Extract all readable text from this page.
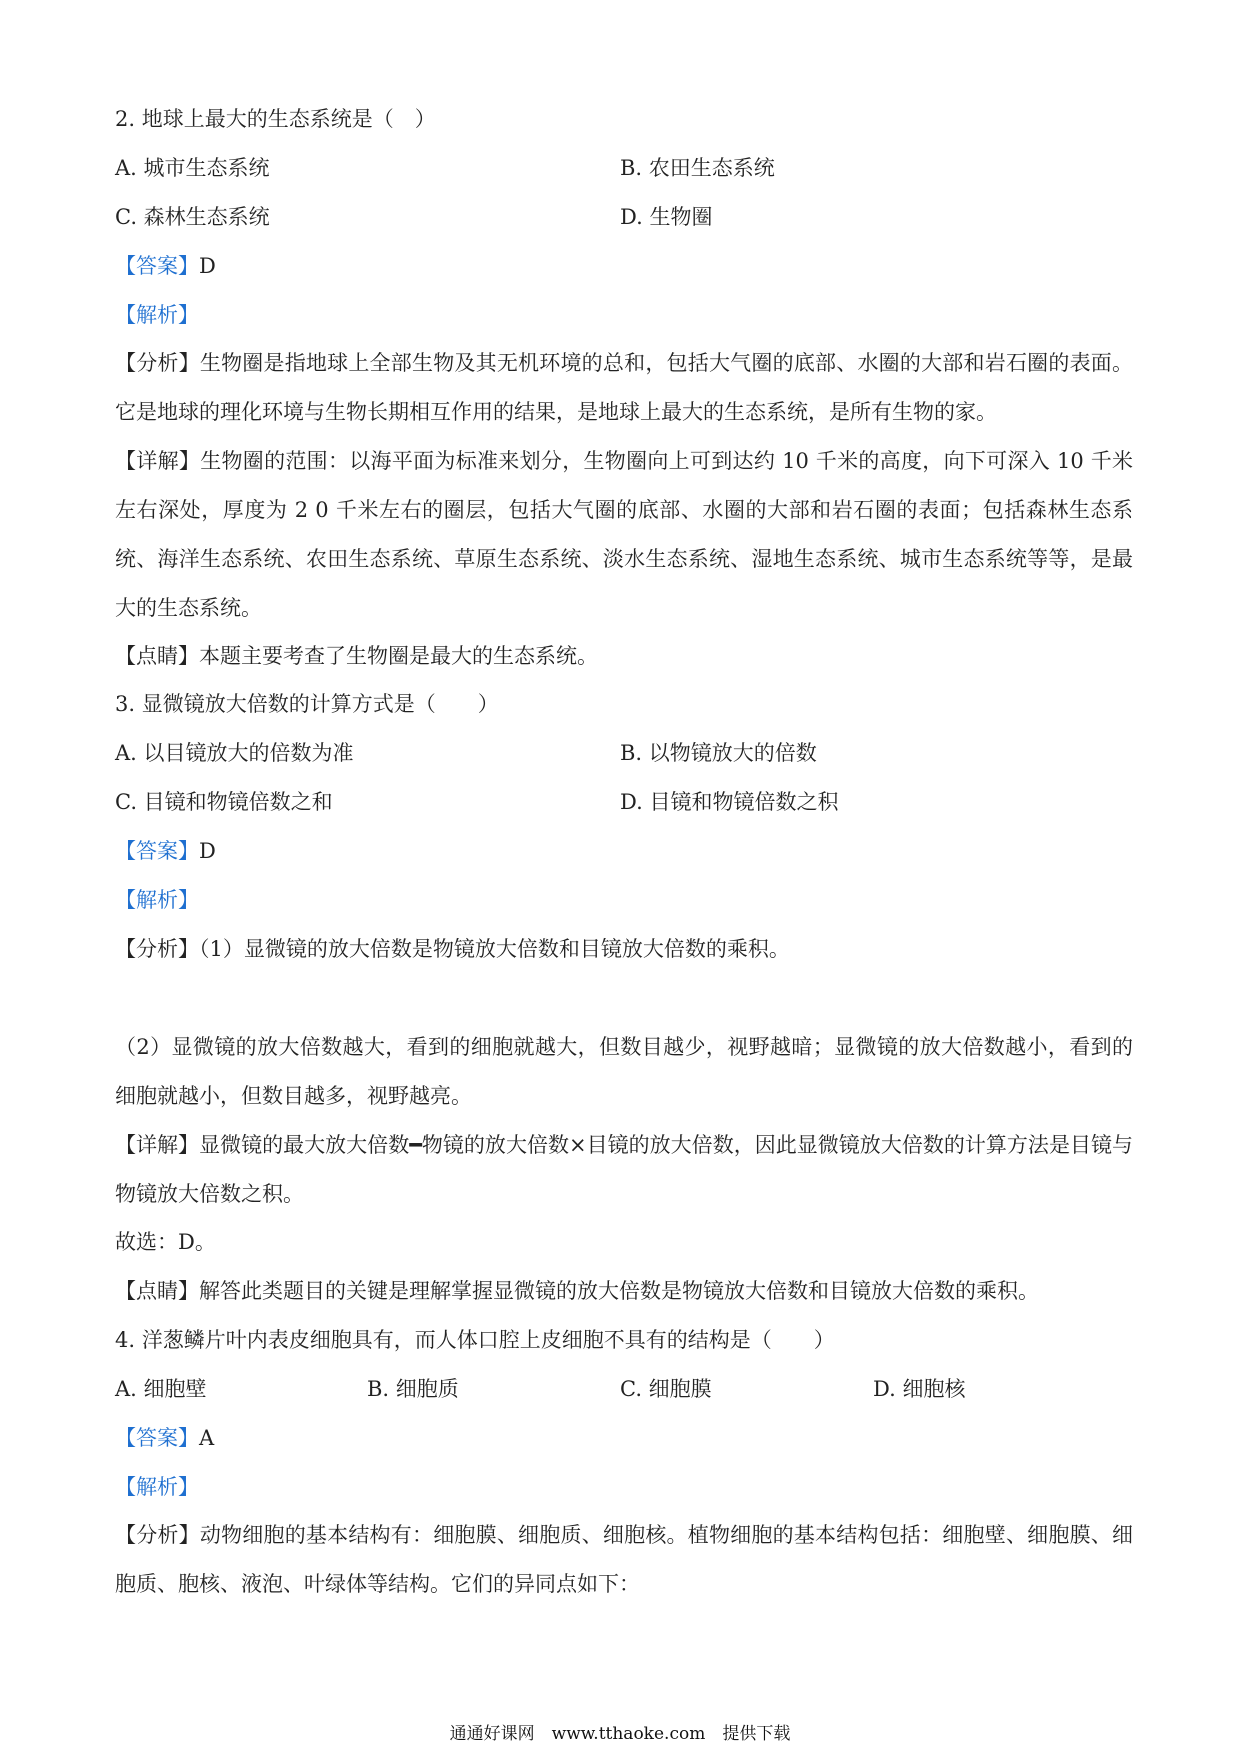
2. 地球上最大的生态系统是（　）
A. 城市生态系统	B. 农田生态系统
C. 森林生态系统	D. 生物圈
【答案】D
【解析】
【分析】生物圈是指地球上全部生物及其无机环境的总和，包括大气圈的底部、水圈的大部和岩石圈的表面。它是地球的理化环境与生物长期相互作用的结果，是地球上最大的生态系统，是所有生物的家。
【详解】生物圈的范围：以海平面为标准来划分，生物圈向上可到达约 10 千米的高度，向下可深入 10 千米左右深处，厚度为 2 0 千米左右的圈层，包括大气圈的底部、水圈的大部和岩石圈的表面；包括森林生态系统、海洋生态系统、农田生态系统、草原生态系统、淡水生态系统、湿地生态系统、城市生态系统等等，是最大的生态系统。
【点睛】本题主要考查了生物圈是最大的生态系统。
3. 显微镜放大倍数的计算方式是（　　）
A. 以目镜放大的倍数为准	B. 以物镜放大的倍数
C. 目镜和物镜倍数之和	D. 目镜和物镜倍数之积
【答案】D
【解析】
【分析】（1）显微镜的放大倍数是物镜放大倍数和目镜放大倍数的乘积。
（2）显微镜的放大倍数越大，看到的细胞就越大，但数目越少，视野越暗；显微镜的放大倍数越小，看到的细胞就越小，但数目越多，视野越亮。
【详解】显微镜的最大放大倍数━物镜的放大倍数×目镜的放大倍数，因此显微镜放大倍数的计算方法是目镜与物镜放大倍数之积。
故选：D。
【点睛】解答此类题目的关键是理解掌握显微镜的放大倍数是物镜放大倍数和目镜放大倍数的乘积。
4. 洋葱鳞片叶内表皮细胞具有，而人体口腔上皮细胞不具有的结构是（　　）
A. 细胞壁	B. 细胞质	C. 细胞膜	D. 细胞核
【答案】A
【解析】
【分析】动物细胞的基本结构有：细胞膜、细胞质、细胞核。植物细胞的基本结构包括：细胞壁、细胞膜、细胞质、胞核、液泡、叶绿体等结构。它们的异同点如下：
通通好课网　www.tthaoke.com　提供下载
